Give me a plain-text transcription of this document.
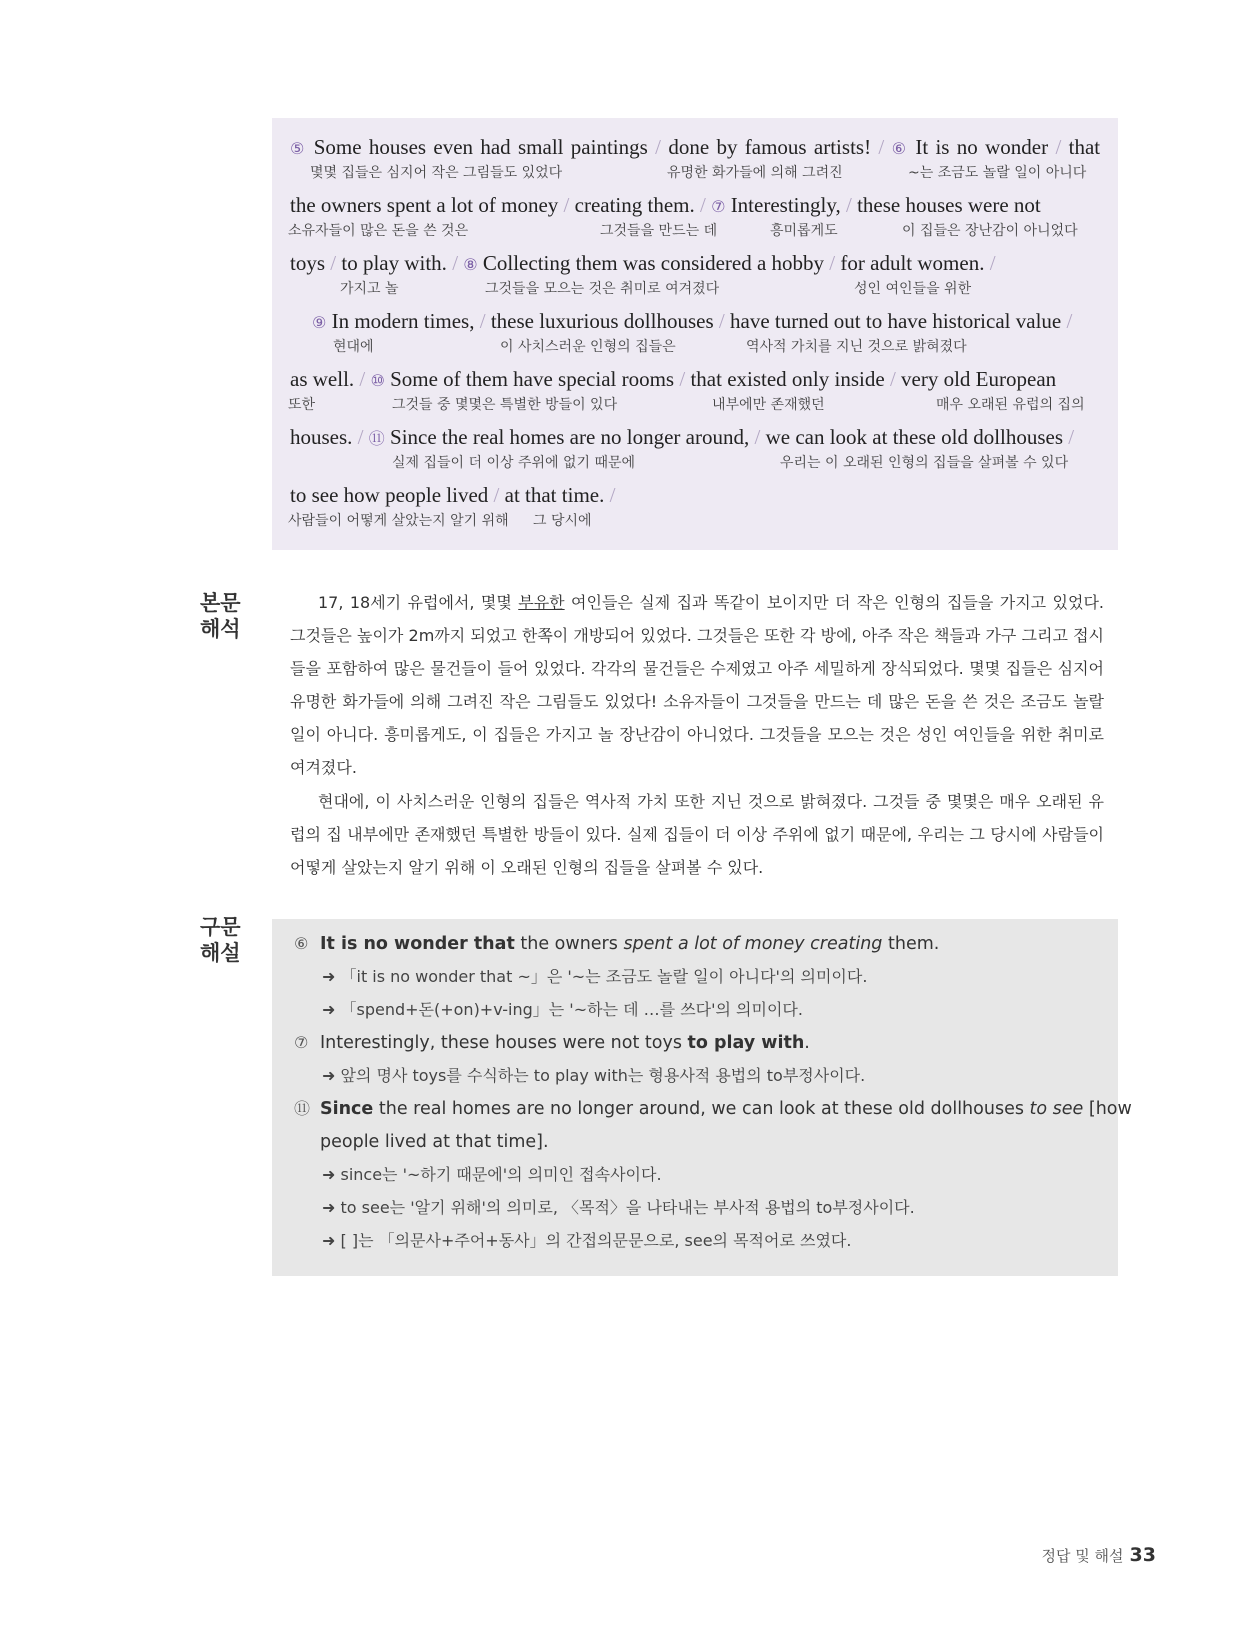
⑤ Some houses even had small paintings / done by famous artists! / ⑥ It is no wonder / that
몇몇 집들은 심지어 작은 그림들도 있었다	유명한 화가들에 의해 그려진	~는 조금도 놀랄 일이 아니다
the owners spent a lot of money / creating them. / ⑦ Interestingly, / these houses were not
소유자들이 많은 돈을 쓴 것은	그것들을 만드는 데	흥미롭게도	이 집들은 장난감이 아니었다
toys / to play with. / ⑧ Collecting them was considered a hobby / for adult women. /
가지고 놀	그것들을 모으는 것은 취미로 여겨졌다	성인 여인들을 위한
⑨ In modern times, / these luxurious dollhouses / have turned out to have historical value /
현대에	이 사치스러운 인형의 집들은	역사적 가치를 지닌 것으로 밝혀졌다
as well. / ⑩ Some of them have special rooms / that existed only inside / very old European
또한	그것들 중 몇몇은 특별한 방들이 있다	내부에만 존재했던	매우 오래된 유럽의 집의
houses. / ⑪ Since the real homes are no longer around, / we can look at these old dollhouses /
실제 집들이 더 이상 주위에 없기 때문에	우리는 이 오래된 인형의 집들을 살펴볼 수 있다
to see how people lived / at that time. /
사람들이 어떻게 살았는지 알기 위해 그 당시에
본문
해석

17, 18세기 유럽에서, 몇몇 부유한 여인들은 실제 집과 똑같이 보이지만 더 작은 인형의 집들을 가지고 있었다. 그것들은 높이가 2m까지 되었고 한쪽이 개방되어 있었다. 그것들은 또한 각 방에, 아주 작은 책들과 가구 그리고 접시들을 포함하여 많은 물건들이 들어 있었다. 각각의 물건들은 수제였고 아주 세밀하게 장식되었다. 몇몇 집들은 심지어 유명한 화가들에 의해 그려진 작은 그림들도 있었다! 소유자들이 그것들을 만드는 데 많은 돈을 쓴 것은 조금도 놀랄 일이 아니다. 흥미롭게도, 이 집들은 가지고 놀 장난감이 아니었다. 그것들을 모으는 것은 성인 여인들을 위한 취미로 여겨졌다.

현대에, 이 사치스러운 인형의 집들은 역사적 가치 또한 지닌 것으로 밝혀졌다. 그것들 중 몇몇은 매우 오래된 유럽의 집 내부에만 존재했던 특별한 방들이 있다. 실제 집들이 더 이상 주위에 없기 때문에, 우리는 그 당시에 사람들이 어떻게 살았는지 알기 위해 이 오래된 인형의 집들을 살펴볼 수 있다.

구문
해설	⑥ It is no wonder that the owners spent a lot of money creating them.
➜ 「it is no wonder that ~」은 '~는 조금도 놀랄 일이 아니다'의 의미이다.
➜ 「spend+돈(+on)+v-ing」는 '~하는 데 …를 쓰다'의 의미이다.
⑦ Interestingly, these houses were not toys to play with.
➜ 앞의 명사 toys를 수식하는 to play with는 형용사적 용법의 to부정사이다.
⑪ Since the real homes are no longer around, we can look at these old dollhouses to see [how
people lived at that time].
➜ since는 '~하기 때문에'의 의미인 접속사이다.
➜ to see는 '알기 위해'의 의미로, 〈목적〉을 나타내는 부사적 용법의 to부정사이다.
➜ [ ]는 「의문사+주어+동사」의 간접의문문으로, see의 목적어로 쓰였다.
정답 및 해설 33
